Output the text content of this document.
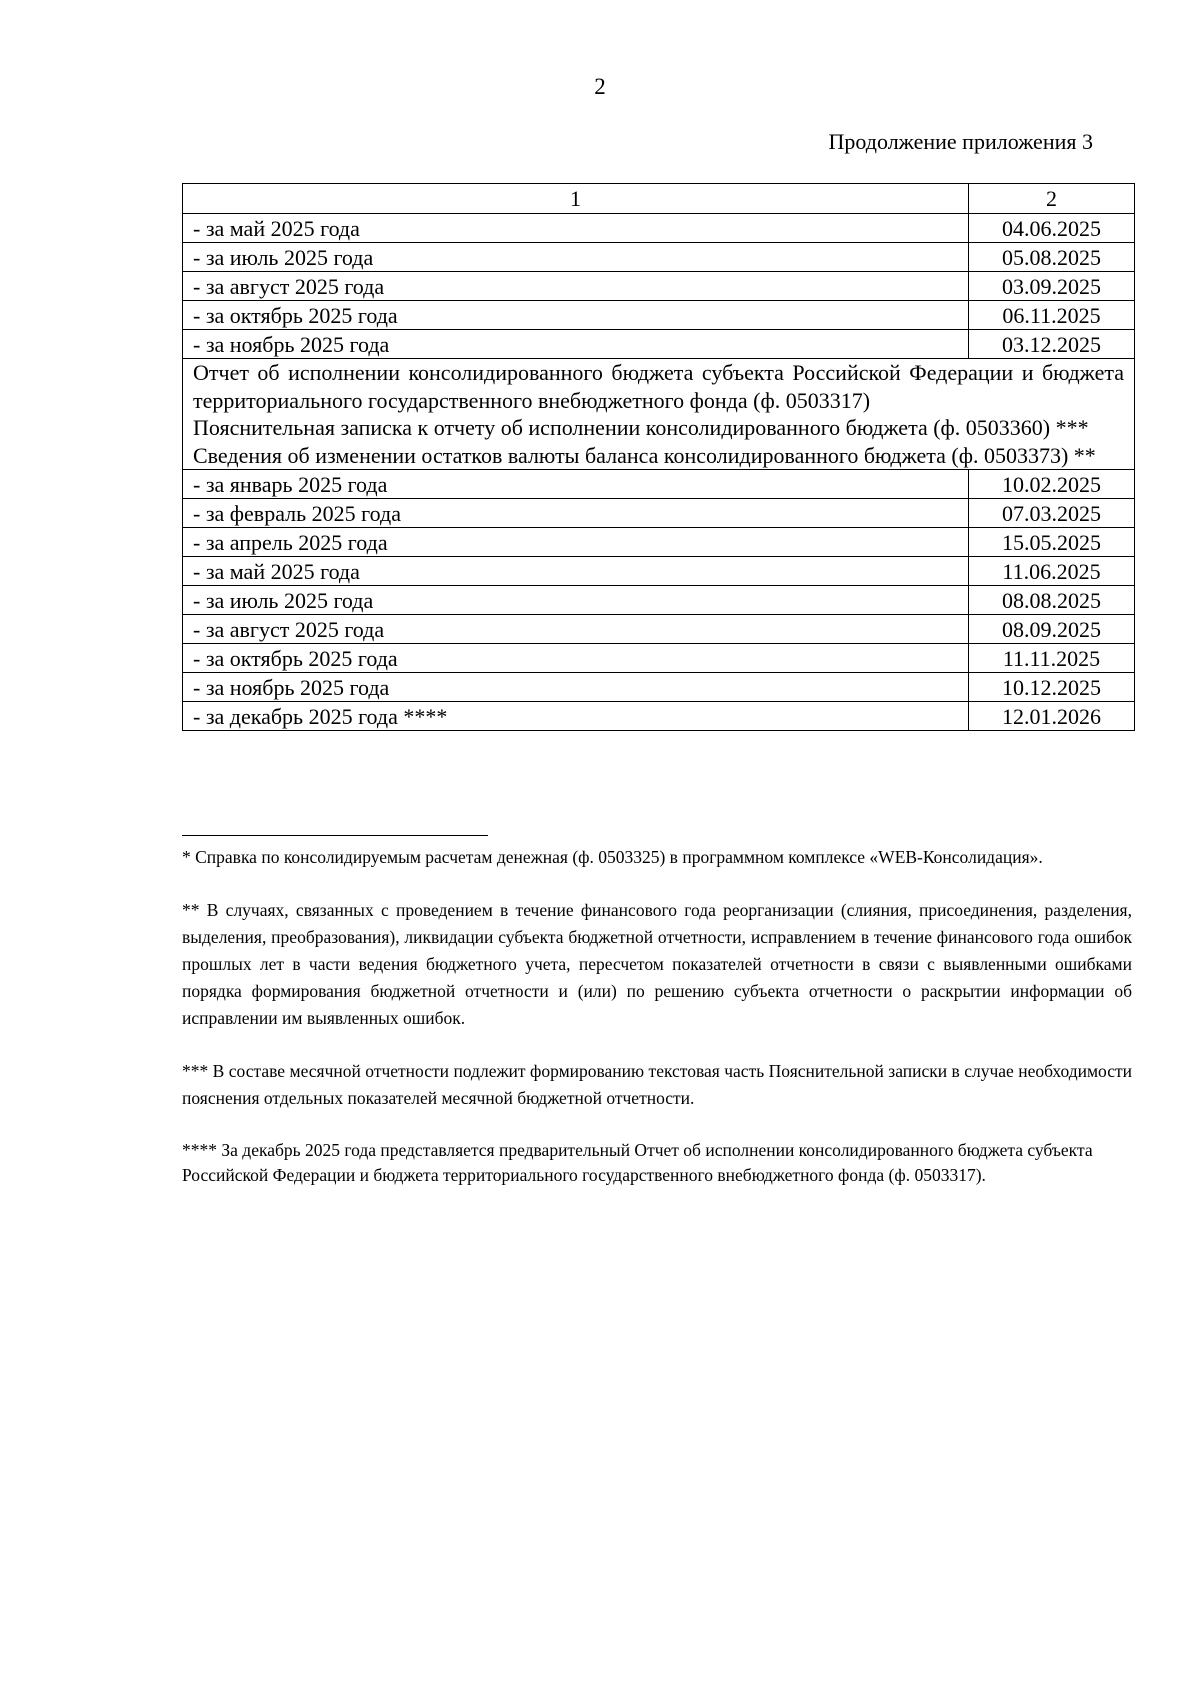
2
Продолжение приложения 3
1	2
- за май 2025 года	04.06.2025
- за июль 2025 года	05.08.2025
- за август 2025 года	03.09.2025
- за октябрь 2025 года	06.11.2025
- за ноябрь 2025 года	03.12.2025

Отчет об исполнении консолидированного бюджета субъекта Российской Федерации и бюджета территориального государственного внебюджетного фонда (ф. 0503317)

Пояснительная записка к отчету об исполнении консолидированного бюджета (ф. 0503360) ***

Сведения об изменении остатков валюты баланса консолидированного бюджета (ф. 0503373) **	

- за январь 2025 года	10.02.2025
- за февраль 2025 года	07.03.2025
- за апрель 2025 года	15.05.2025
- за май 2025 года	11.06.2025
- за июль 2025 года	08.08.2025
- за август 2025 года	08.09.2025
- за октябрь 2025 года	11.11.2025
- за ноябрь 2025 года	10.12.2025
- за декабрь 2025 года ****	12.01.2026

* Справка по консолидируемым расчетам денежная (ф. 0503325) в программном комплексе «WEB-Консолидация».

** В случаях, связанных с проведением в течение финансового года реорганизации (слияния, присоединения, разделения, выделения, преобразования), ликвидации субъекта бюджетной отчетности, исправлением в течение финансового года ошибок прошлых лет в части ведения бюджетного учета, пересчетом показателей отчетности в связи с выявленными ошибками порядка формирования бюджетной отчетности и (или) по решению субъекта отчетности о раскрытии информации об исправлении им выявленных ошибок.

*** В составе месячной отчетности подлежит формированию текстовая часть Пояснительной записки в случае необходимости пояснения отдельных показателей месячной бюджетной отчетности.

**** За декабрь 2025 года представляется предварительный Отчет об исполнении консолидированного бюджета субъекта Российской Федерации и бюджета территориального государственного внебюджетного фонда (ф. 0503317).
